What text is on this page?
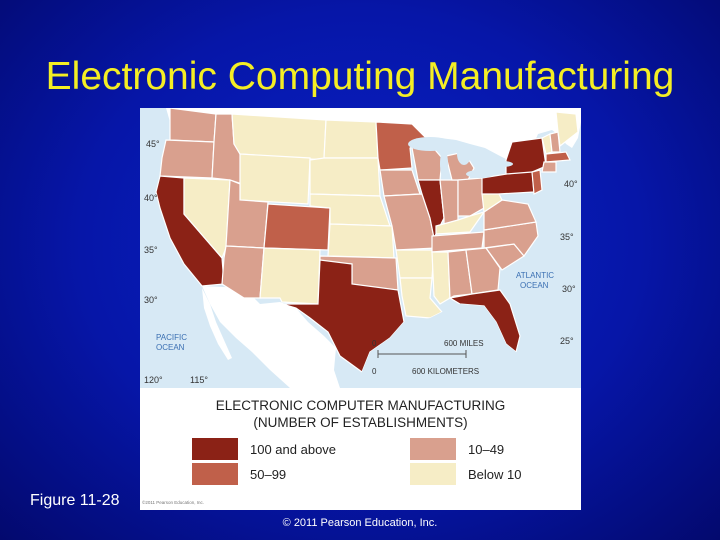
Electronic Computing Manufacturing
45°
40°
35°
30°
40°
35°
30°
25°
120°	115°
PACIFIC
OCEAN
ATLANTIC
OCEAN
0	600 MILES
0	600 KILOMETERS
ELECTRONIC COMPUTER MANUFACTURING
(NUMBER OF ESTABLISHMENTS)
100 and above
50–99
10–49
Below 10
©2011 Pearson Education, Inc.
Figure 11-28
© 2011 Pearson Education, Inc.
